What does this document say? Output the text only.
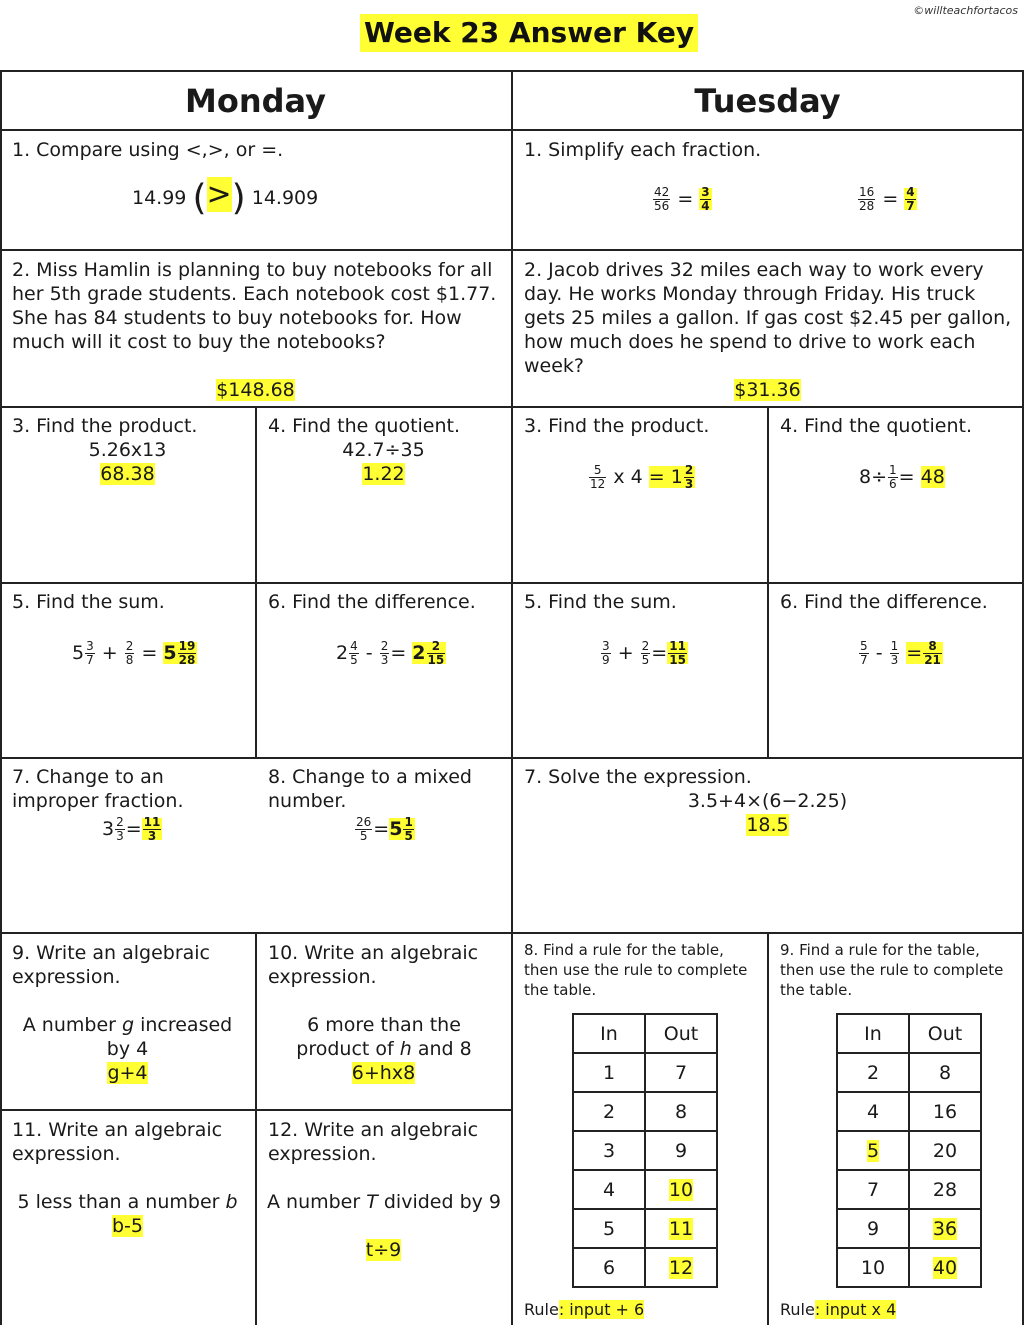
Week 23 Answer Key
©willteachfortacos
Monday	Tuesday
1. Compare using <,>, or =.
14.99 (>) 14.909
2. Miss Hamlin is planning to buy notebooks for all her 5th grade students. Each notebook cost $1.77. She has 84 students to buy notebooks for. How much will it cost to buy the notebooks?
$148.68
3. Find the product.
5.26x13
68.38
4. Find the quotient.
42.7÷35
1.22
5. Find the sum.
$5 \frac{3}{7} + \frac{2}{8} = 5 \frac{19}{28}$
6. Find the difference.
$2 \frac{4}{5} - \frac{2}{3} = 2 \frac{2}{15}$
7. Change to an improper fraction.
$3 \frac{2}{3} = \frac{11}{3}$
8. Change to a mixed number.
$\frac{26}{5} =5 \frac{1}{5}$
9. Write an algebraic expression.
A number g increased by 4
g+4
10. Write an algebraic expression.
6 more than the product of h and 8
6+hx8
11. Write an algebraic expression.
5 less than a number b
b-5
12. Write an algebraic expression.
A number T divided by 9
t÷9
1. Simplify each fraction.
$\frac{42}{56} = \frac{3}{4}$	$\frac{16}{28} = \frac{4}{7}$
2. Jacob drives 32 miles each way to work every day. He works Monday through Friday. His truck gets 25 miles a gallon. If gas cost $2.45 per gallon, how much does he spend to drive to work each week?
$31.36
3. Find the product.
$\frac{5}{12}$ x $4 = 1 \frac{2}{3}$
4. Find the quotient.
$8\div \frac{1}{6} = 48$
5. Find the sum.
$\frac{3}{9} + \frac{2}{5} = \frac{11}{15}$
6. Find the difference.
$\frac{5}{7} - \frac{1}{3} = \frac{8}{21}$
7. Solve the expression.
3.5+4×(6−2.25)
18.5
8. Find a rule for the table, then use the rule to complete the table.
In	Out
1	7
2	8
3	9
4	10
5	11
6	12
Rule: input + 6
9. Find a rule for the table, then use the rule to complete the table.
In	Out
2	8
4	16
5	20
7	28
9	36
10	40
Rule: input x 4
